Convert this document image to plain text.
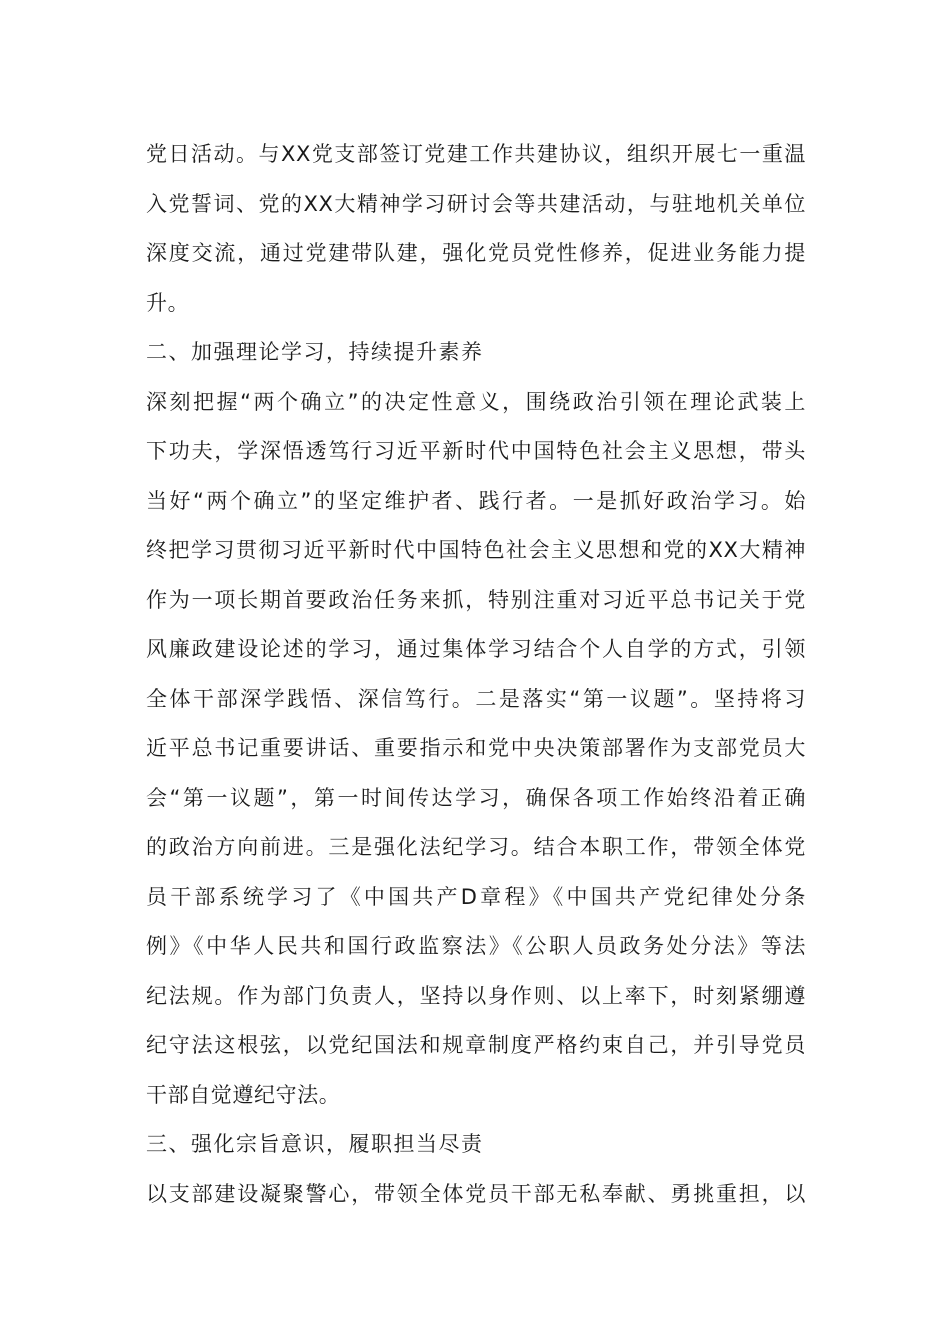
党日活动。与XX党支部签订党建工作共建协议，组织开展七一重温
入党誓词、党的XX大精神学习研讨会等共建活动，与驻地机关单位
深度交流，通过党建带队建，强化党员党性修养，促进业务能力提
升。
二、加强理论学习，持续提升素养
深刻把握“两个确立”的决定性意义，围绕政治引领在理论武装上
下功夫，学深悟透笃行习近平新时代中国特色社会主义思想，带头
当好“两个确立”的坚定维护者、践行者。一是抓好政治学习。始
终把学习贯彻习近平新时代中国特色社会主义思想和党的XX大精神
作为一项长期首要政治任务来抓，特别注重对习近平总书记关于党
风廉政建设论述的学习，通过集体学习结合个人自学的方式，引领
全体干部深学践悟、深信笃行。二是落实“第一议题”。坚持将习
近平总书记重要讲话、重要指示和党中央决策部署作为支部党员大
会“第一议题”，第一时间传达学习，确保各项工作始终沿着正确
的政治方向前进。三是强化法纪学习。结合本职工作，带领全体党
员干部系统学习了《中国共产D章程》《中国共产党纪律处分条
例》《中华人民共和国行政监察法》《公职人员政务处分法》等法
纪法规。作为部门负责人，坚持以身作则、以上率下，时刻紧绷遵
纪守法这根弦，以党纪国法和规章制度严格约束自己，并引导党员
干部自觉遵纪守法。
三、强化宗旨意识，履职担当尽责
以支部建设凝聚警心，带领全体党员干部无私奉献、勇挑重担，以
